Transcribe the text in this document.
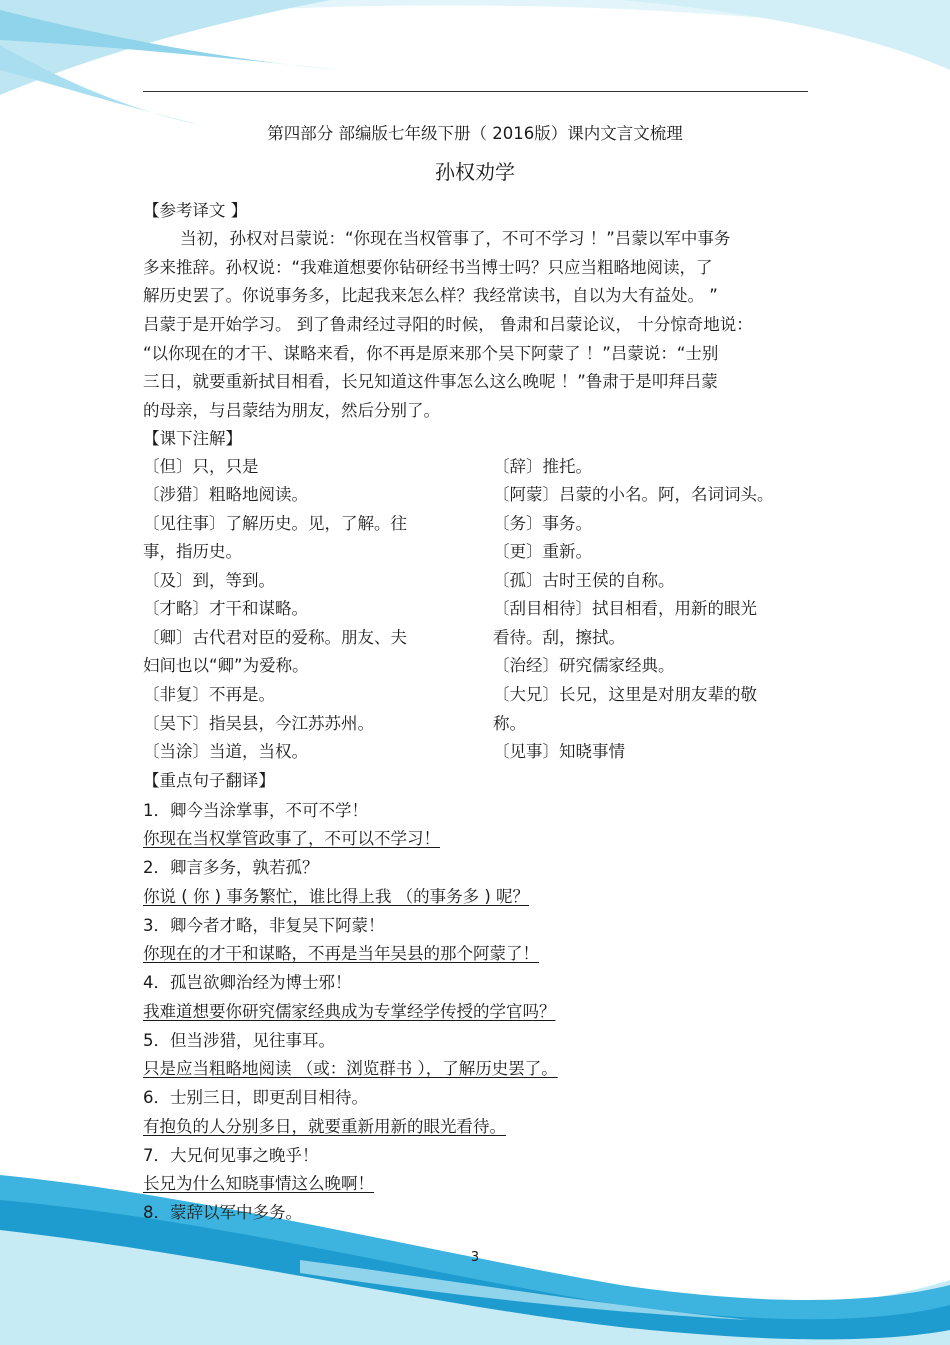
第四部分 部编版七年级下册（ 2016版）课内文言文梳理
孙权劝学
【参考译文 】
当初，孙权对吕蒙说：“你现在当权管事了，不可不学习 ！”吕蒙以军中事务
多来推辞。孙权说：“我难道想要你钻研经书当博士吗？只应当粗略地阅读，了
解历史罢了。你说事务多，比起我来怎么样？我经常读书，自以为大有益处。 ”
吕蒙于是开始学习。 到了鲁肃经过寻阳的时候， 鲁肃和吕蒙论议， 十分惊奇地说：
“以你现在的才干、谋略来看，你不再是原来那个吴下阿蒙了 ！”吕蒙说：“士别
三日，就要重新拭目相看，长兄知道这件事怎么这么晚呢 ！”鲁肃于是叩拜吕蒙
的母亲，与吕蒙结为朋友，然后分别了。
【课下注解】
〔但〕只，只是
〔涉猎〕粗略地阅读。
〔见往事〕了解历史。见，了解。往
事，指历史。
〔及〕到，等到。
〔才略〕才干和谋略。
〔卿〕古代君对臣的爱称。朋友、夫
妇间也以“卿”为爱称。
〔非复〕不再是。
〔吴下〕指吴县，今江苏苏州。
〔当涂〕当道，当权。
〔辞〕推托。
〔阿蒙〕吕蒙的小名。阿，名词词头。
〔务〕事务。
〔更〕重新。
〔孤〕古时王侯的自称。
〔刮目相待〕拭目相看，用新的眼光
看待。刮，擦拭。
〔治经〕研究儒家经典。
〔大兄〕长兄，这里是对朋友辈的敬
称。
〔见事〕知晓事情
【重点句子翻译】
1．卿今当涂掌事，不可不学！
你现在当权掌管政事了，不可以不学习！
2．卿言多务，孰若孤？
你说 ( 你 ) 事务繁忙，谁比得上我 （的事务多 ) 呢？
3．卿今者才略，非复吴下阿蒙！
你现在的才干和谋略，不再是当年吴县的那个阿蒙了！
4．孤岂欲卿治经为博士邪！
我难道想要你研究儒家经典成为专掌经学传授的学官吗？
5．但当涉猎，见往事耳。
只是应当粗略地阅读 （或：浏览群书 ），了解历史罢了。
6．士别三日，即更刮目相待。
有抱负的人分别多日，就要重新用新的眼光看待。
7．大兄何见事之晚乎！
长兄为什么知晓事情这么晚啊！
8．蒙辞以军中多务。
3
